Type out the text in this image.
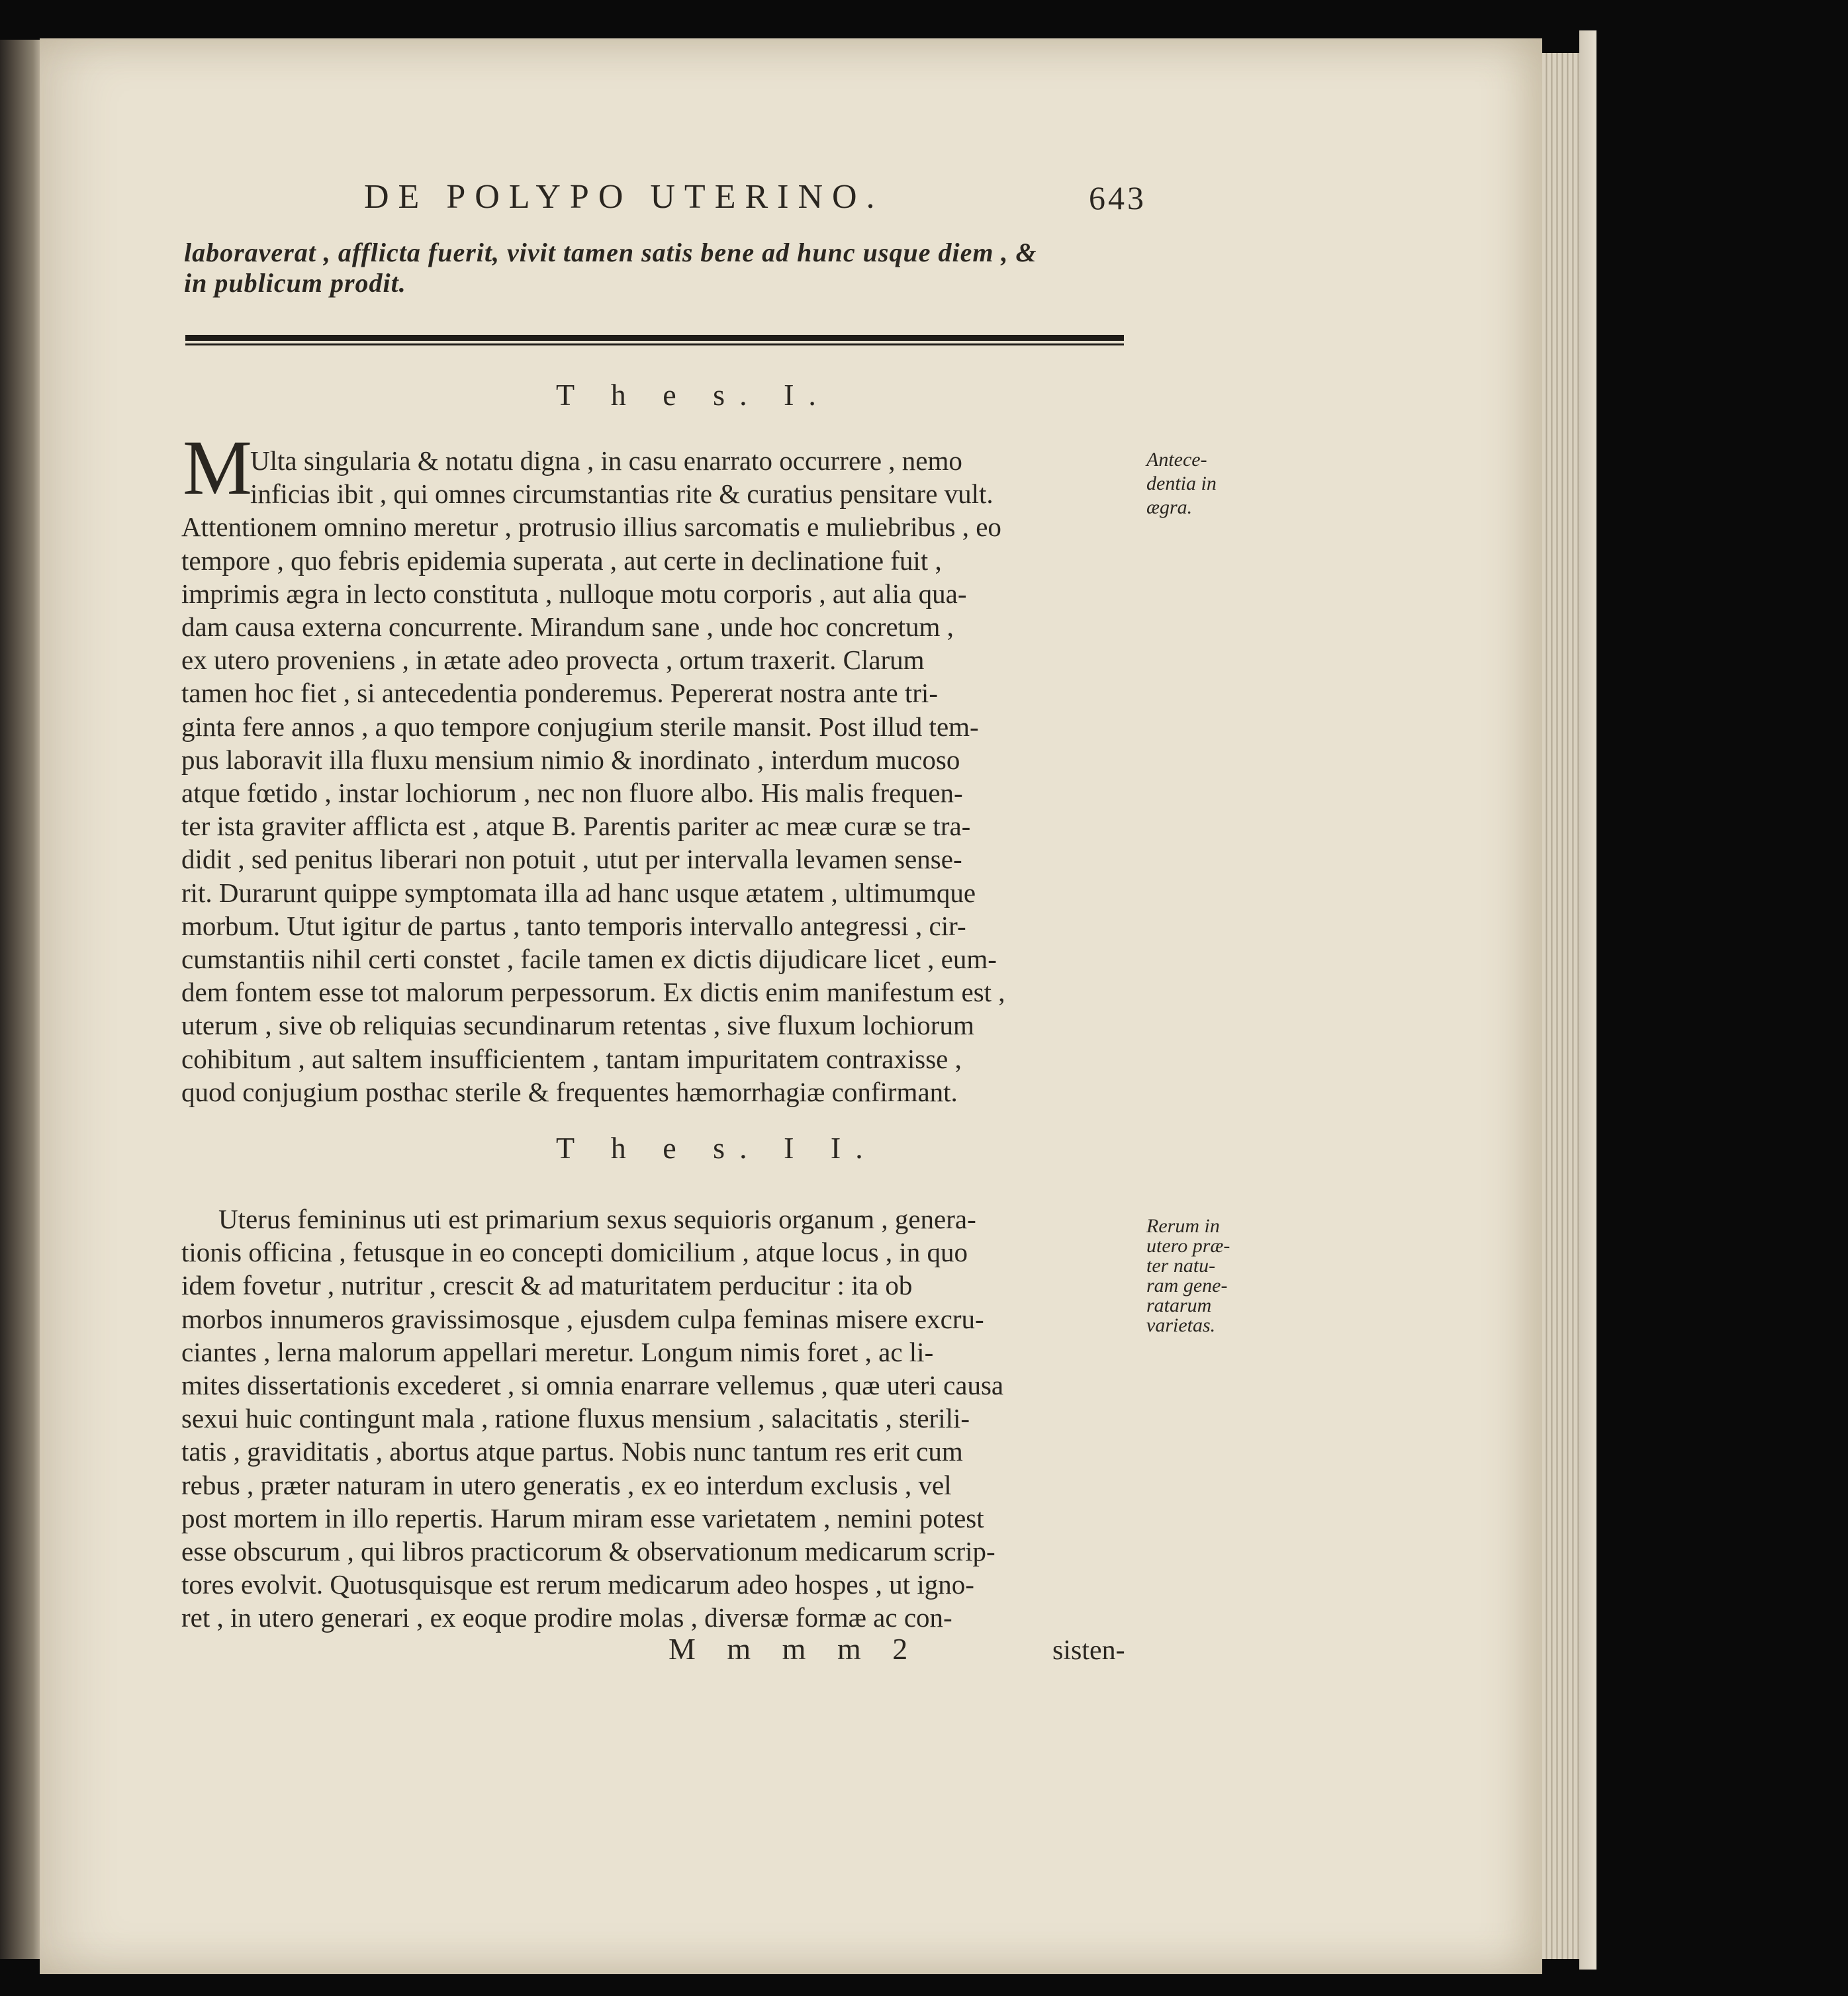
DE POLYPO UTERINO.	643
laboraverat , afflicta fuerit, vivit tamen satis bene ad hunc usque diem , &
in publicum prodit.
T h e s. I.
M
Ulta singularia & notatu digna , in casu enarrato occurrere , nemo
inficias ibit , qui omnes circumstantias rite & curatius pensitare vult.
Attentionem omnino meretur , protrusio illius sarcomatis e muliebribus , eo
tempore , quo febris epidemia superata , aut certe in declinatione fuit ,
imprimis ægra in lecto constituta , nulloque motu corporis , aut alia qua-
dam causa externa concurrente. Mirandum sane , unde hoc concretum ,
ex utero proveniens , in ætate adeo provecta , ortum traxerit. Clarum
tamen hoc fiet , si antecedentia ponderemus. Pepererat nostra ante tri-
ginta fere annos , a quo tempore conjugium sterile mansit. Post illud tem-
pus laboravit illa fluxu mensium nimio & inordinato , interdum mucoso
atque fœtido , instar lochiorum , nec non fluore albo. His malis frequen-
ter ista graviter afflicta est , atque B. Parentis pariter ac meæ curæ se tra-
didit , sed penitus liberari non potuit , utut per intervalla levamen sense-
rit. Durarunt quippe symptomata illa ad hanc usque ætatem , ultimumque
morbum. Utut igitur de partus , tanto temporis intervallo antegressi , cir-
cumstantiis nihil certi constet , facile tamen ex dictis dijudicare licet , eum-
dem fontem esse tot malorum perpessorum. Ex dictis enim manifestum est ,
uterum , sive ob reliquias secundinarum retentas , sive fluxum lochiorum
cohibitum , aut saltem insufficientem , tantam impuritatem contraxisse ,
quod conjugium posthac sterile & frequentes hæmorrhagiæ confirmant.
Antece-
dentia in
ægra.
T h e s. I I.
Uterus femininus uti est primarium sexus sequioris organum , genera-
tionis officina , fetusque in eo concepti domicilium , atque locus , in quo
idem fovetur , nutritur , crescit & ad maturitatem perducitur : ita ob
morbos innumeros gravissimosque , ejusdem culpa feminas misere excru-
ciantes , lerna malorum appellari meretur. Longum nimis foret , ac li-
mites dissertationis excederet , si omnia enarrare vellemus , quæ uteri causa
sexui huic contingunt mala , ratione fluxus mensium , salacitatis , sterili-
tatis , graviditatis , abortus atque partus. Nobis nunc tantum res erit cum
rebus , præter naturam in utero generatis , ex eo interdum exclusis , vel
post mortem in illo repertis. Harum miram esse varietatem , nemini potest
esse obscurum , qui libros practicorum & observationum medicarum scrip-
tores evolvit. Quotusquisque est rerum medicarum adeo hospes , ut igno-
ret , in utero generari , ex eoque prodire molas , diversæ formæ ac con-
Rerum in
utero præ-
ter natu-
ram gene-
ratarum
varietas.
M m m m 2	sisten-
